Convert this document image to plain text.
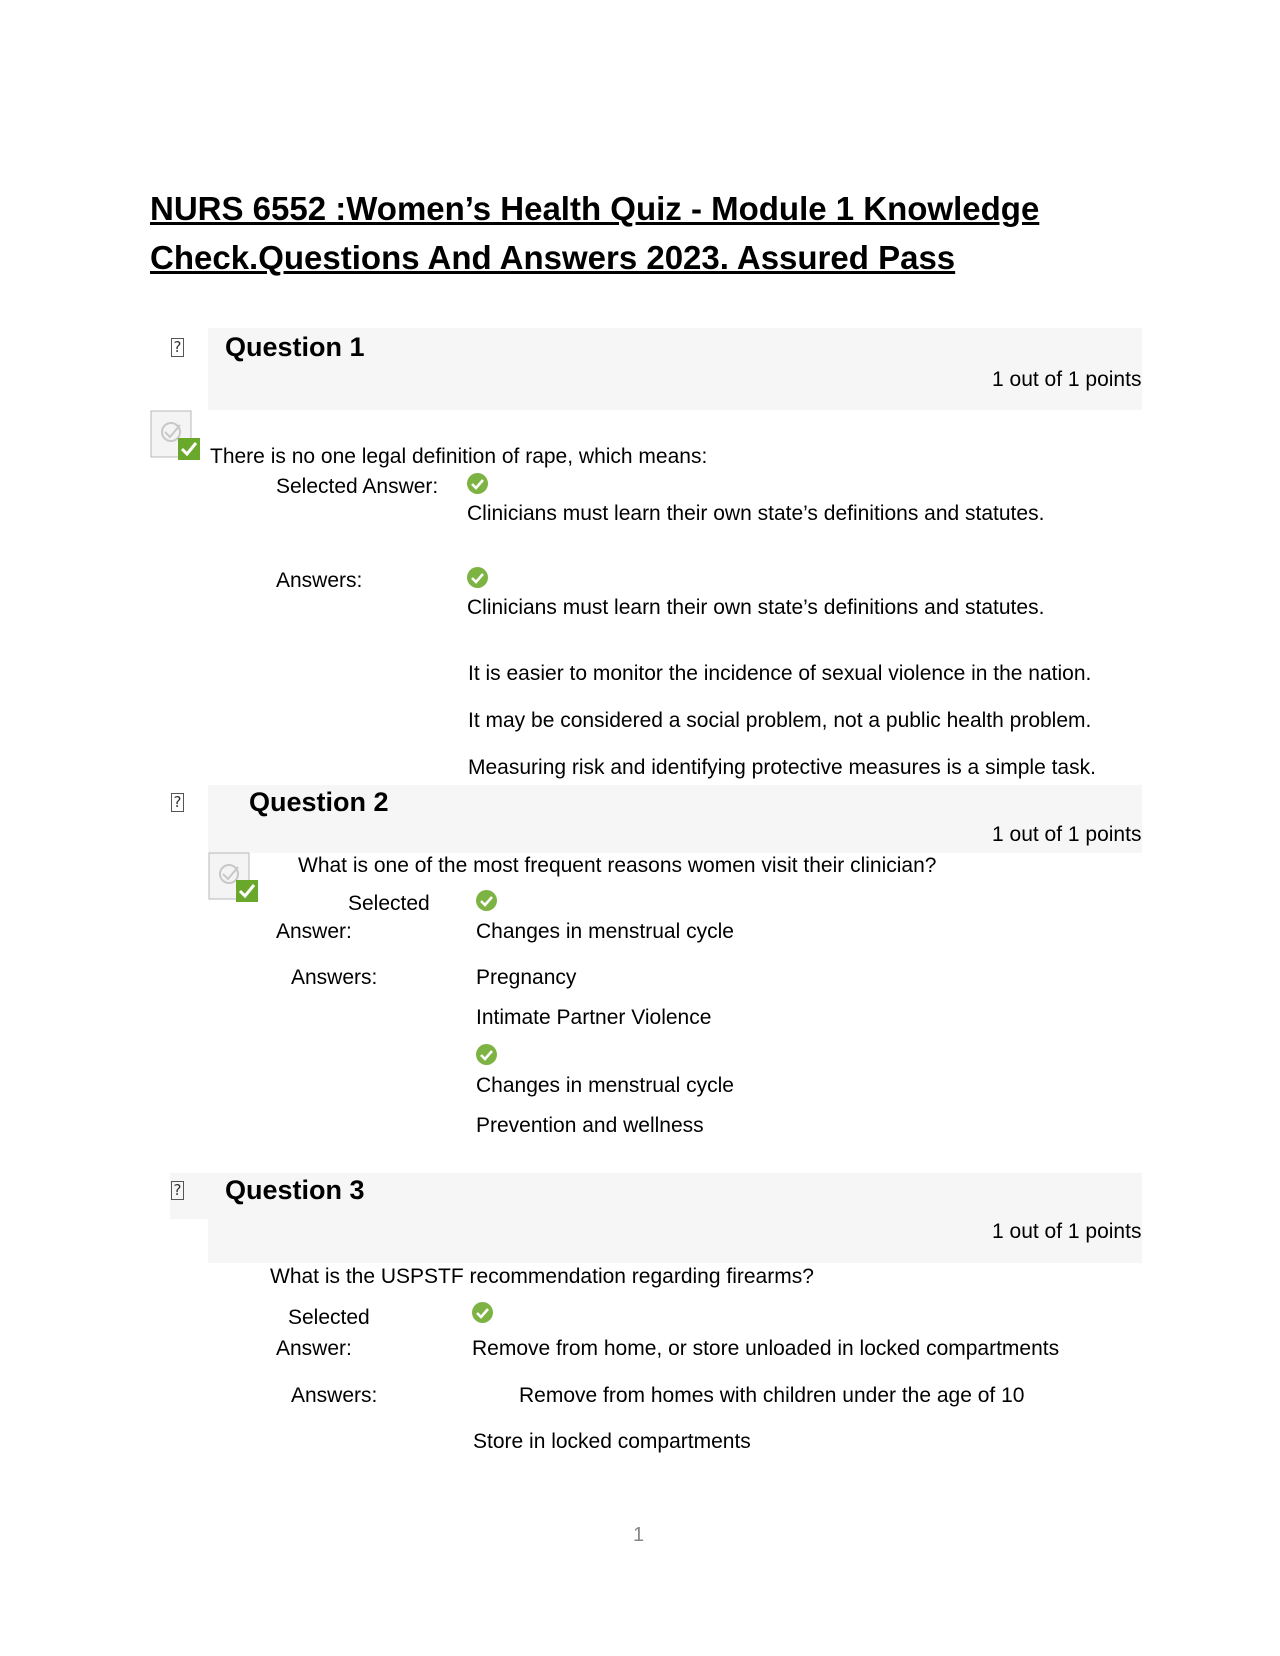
NURS 6552 :Women’s Health Quiz - Module 1 Knowledge Check.Questions And Answers 2023. Assured Pass
? Question 1
1 out of 1 points
There is no one legal definition of rape, which means:
Selected Answer:
Clinicians must learn their own state’s definitions and statutes.
Answers:
Clinicians must learn their own state’s definitions and statutes.
It is easier to monitor the incidence of sexual violence in the nation.
It may be considered a social problem, not a public health problem.
Measuring risk and identifying protective measures is a simple task.
?	Question 2
1 out of 1 points
What is one of the most frequent reasons women visit their clinician?
Selected
Answer:	Changes in menstrual cycle
Answers:	Pregnancy
Intimate Partner Violence
Changes in menstrual cycle
Prevention and wellness
? Question 3
1 out of 1 points
What is the USPSTF recommendation regarding firearms?
Selected
Answer:	Remove from home, or store unloaded in locked compartments
Answers:	Remove from homes with children under the age of 10
Store in locked compartments
1
